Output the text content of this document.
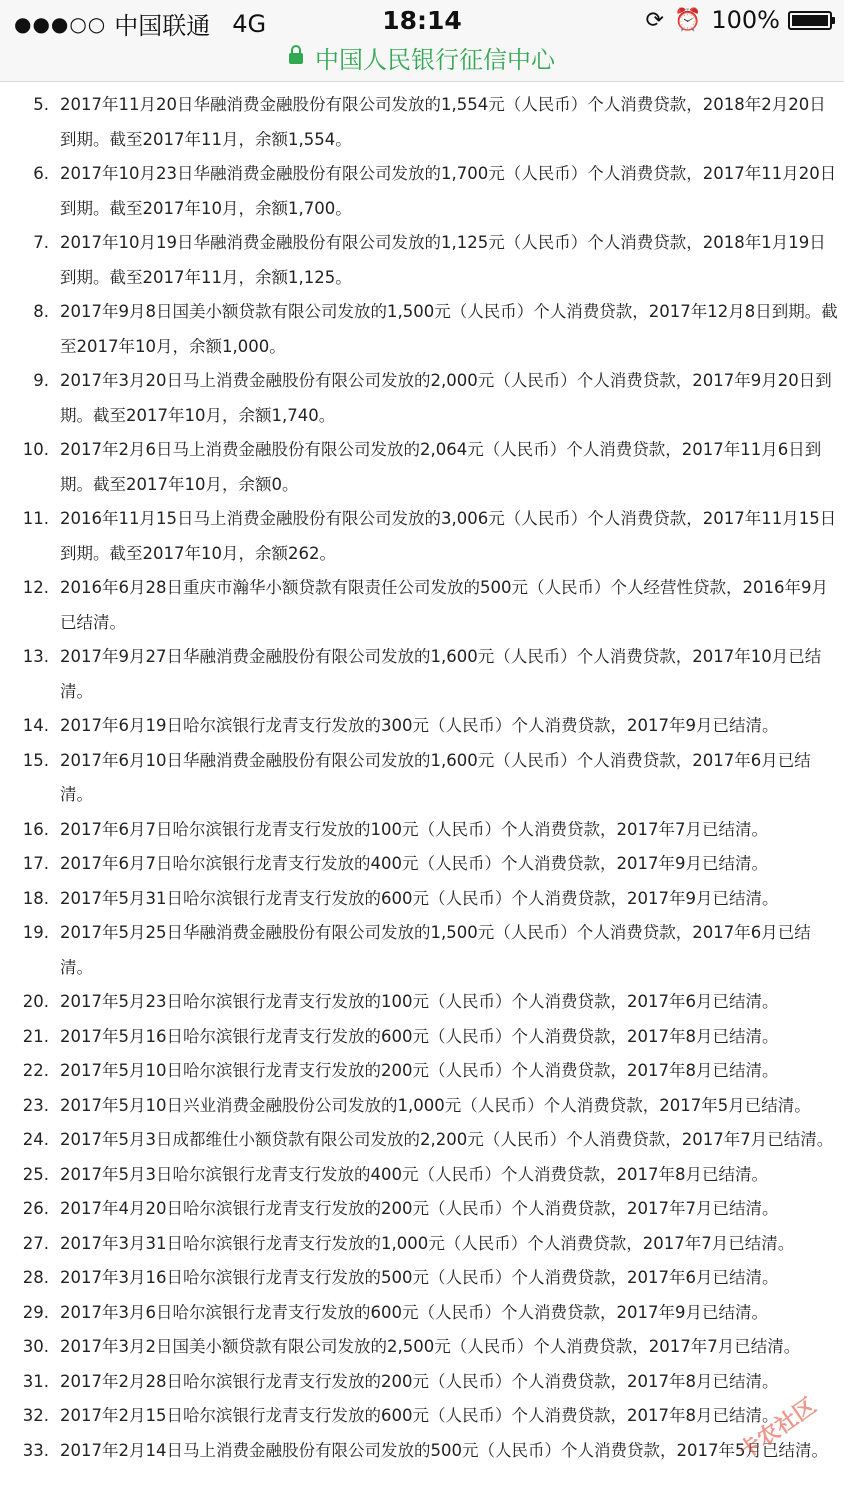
●●●○○ 中国联通 4G	18:14	⟳ ⏰ 100%
中国人民银行征信中心
5. 2017年11月20日华融消费金融股份有限公司发放的1,554元（人民币）个人消费贷款，2018年2月20日到期。截至2017年11月，余额1,554。
6. 2017年10月23日华融消费金融股份有限公司发放的1,700元（人民币）个人消费贷款，2017年11月20日到期。截至2017年10月，余额1,700。
7. 2017年10月19日华融消费金融股份有限公司发放的1,125元（人民币）个人消费贷款，2018年1月19日到期。截至2017年11月，余额1,125。
8. 2017年9月8日国美小额贷款有限公司发放的1,500元（人民币）个人消费贷款，2017年12月8日到期。截至2017年10月，余额1,000。
9. 2017年3月20日马上消费金融股份有限公司发放的2,000元（人民币）个人消费贷款，2017年9月20日到期。截至2017年10月，余额1,740。
10. 2017年2月6日马上消费金融股份有限公司发放的2,064元（人民币）个人消费贷款，2017年11月6日到期。截至2017年10月，余额0。
11. 2016年11月15日马上消费金融股份有限公司发放的3,006元（人民币）个人消费贷款，2017年11月15日到期。截至2017年10月，余额262。
12. 2016年6月28日重庆市瀚华小额贷款有限责任公司发放的500元（人民币）个人经营性贷款，2016年9月已结清。
13. 2017年9月27日华融消费金融股份有限公司发放的1,600元（人民币）个人消费贷款，2017年10月已结清。
14. 2017年6月19日哈尔滨银行龙青支行发放的300元（人民币）个人消费贷款，2017年9月已结清。
15. 2017年6月10日华融消费金融股份有限公司发放的1,600元（人民币）个人消费贷款，2017年6月已结清。
16. 2017年6月7日哈尔滨银行龙青支行发放的100元（人民币）个人消费贷款，2017年7月已结清。
17. 2017年6月7日哈尔滨银行龙青支行发放的400元（人民币）个人消费贷款，2017年9月已结清。
18. 2017年5月31日哈尔滨银行龙青支行发放的600元（人民币）个人消费贷款，2017年9月已结清。
19. 2017年5月25日华融消费金融股份有限公司发放的1,500元（人民币）个人消费贷款，2017年6月已结清。
20. 2017年5月23日哈尔滨银行龙青支行发放的100元（人民币）个人消费贷款，2017年6月已结清。
21. 2017年5月16日哈尔滨银行龙青支行发放的600元（人民币）个人消费贷款，2017年8月已结清。
22. 2017年5月10日哈尔滨银行龙青支行发放的200元（人民币）个人消费贷款，2017年8月已结清。
23. 2017年5月10日兴业消费金融股份公司发放的1,000元（人民币）个人消费贷款，2017年5月已结清。
24. 2017年5月3日成都维仕小额贷款有限公司发放的2,200元（人民币）个人消费贷款，2017年7月已结清。
25. 2017年5月3日哈尔滨银行龙青支行发放的400元（人民币）个人消费贷款，2017年8月已结清。
26. 2017年4月20日哈尔滨银行龙青支行发放的200元（人民币）个人消费贷款，2017年7月已结清。
27. 2017年3月31日哈尔滨银行龙青支行发放的1,000元（人民币）个人消费贷款，2017年7月已结清。
28. 2017年3月16日哈尔滨银行龙青支行发放的500元（人民币）个人消费贷款，2017年6月已结清。
29. 2017年3月6日哈尔滨银行龙青支行发放的600元（人民币）个人消费贷款，2017年9月已结清。
30. 2017年3月2日国美小额贷款有限公司发放的2,500元（人民币）个人消费贷款，2017年7月已结清。
31. 2017年2月28日哈尔滨银行龙青支行发放的200元（人民币）个人消费贷款，2017年8月已结清。
32. 2017年2月15日哈尔滨银行龙青支行发放的600元（人民币）个人消费贷款，2017年8月已结清。
33. 2017年2月14日马上消费金融股份有限公司发放的500元（人民币）个人消费贷款，2017年5月已结清。
卡农社区
